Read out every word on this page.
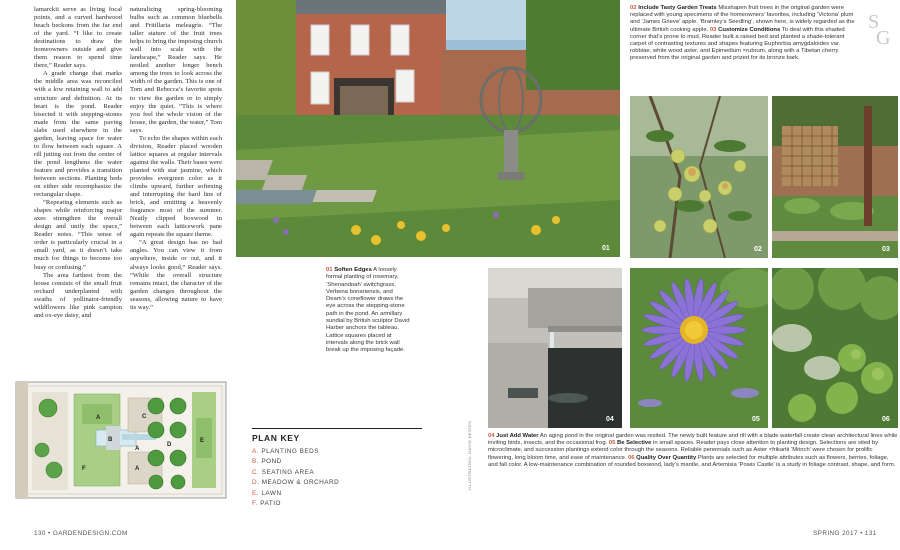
lamarckii serve as living focal points, and a curved hardwood beach beckons from the far end of the yard. “I like to create destinations to draw the homeowners outside and give them reason to spend time there,” Reader says.

A grade change that marks the middle area was reconciled with a low retaining wall to add structure and definition. At its heart is the pond. Reader bisected it with stepping-stones made from the same paving slabs used elsewhere in the garden, leaving space for water to flow between each square. A rill jutting out from the center of the pond lengthens the water feature and provides a transition between sections. Planting beds on either side recemphasize the rectangular shape.

“Repeating elements such as shapes while reinforcing major axes strengthen the overall design and unify the space,” Reader notes. “This sense of order is particularly crucial in a small yard, as it doesn’t take much for things to become too busy or confusing.”

The area farthest from the house consists of the small fruit orchard underplanted with swaths of pollinator-friendly wildflowers like pink campion and ox-eye daisy, and

naturalizing spring-blooming bulbs such as common bluebells and Fritillaria meleagris. “The taller stature of the fruit trees helps to bring the imposing church wall into scale with the landscape,” Reader says. He nestled another longer bench among the trees to look across the width of the garden. This is one of Tom and Rebecca’s favorite spots to view the garden or to simply enjoy the quiet. “This is where you feel the whole vision of the house, the garden, the water,” Tom says.

To echo the shapes within each division, Reader placed wooden lattice squares at regular intervals against the walls. Their bases were planted with star jasmine, which provides evergreen color as it climbs upward, further softening and interrupting the hard line of brick, and emitting a heavenly fragrance most of the summer. Neatly clipped boxwood in between each latticework pane again repeats the square theme.

“A great design has no bad angles. You can view it from anywhere, inside or out, and it always looks good,” Reader says. “While the overall structure remains intact, the character of the garden changes throughout the seasons, allowing nature to have its way.”

A
B
C
D
E
F	A
A
01
02 Include Tasty Garden Treats Misshapen fruit trees in the original garden were replaced with young specimens of the homeowners’ favorites, including ‘Victoria’ plum and ‘James Grieve’ apple. ‘Bramley’s Seedling’, shown here, is widely regarded as the ultimate British cooking apple. 03 Customize Conditions To deal with this shaded corner that’s prone to mud, Reader built a raised bed and planted a shade-tolerant carpet of contrasting textures and shapes featuring Euphorbia amygdaloides var. robbiae, white wood aster, and Epimedium ×rubrum, along with a Tibetan cherry preserved from the original garden and prized for its bronze bark.
S
G
02	03
01 Soften Edges A loosely formal planting of rosemary, ‘Shenandoah’ switchgrass, Verbena bonariensis, and Deam’s coneflower draws the eye across the stepping-stone path in the pond. An armillary sundial by British sculptor David Harber anchors the tableau. Lattice squares placed at intervals along the brick wall break up the imposing façade.
04	05	06
04 Just Add Water An aging pond in the original garden was resited. The newly built feature and rill with a blade waterfall create clean architectural lines while inviting birds, insects, and the occasional frog. 05 Be Selective in small spaces. Reader pays close attention to planting design. Selections are sited by microclimate, and succession plantings extend color through the seasons. Reliable perennials such as Aster ×frikartii ‘Mönch’ were chosen for prolific flowering, long bloom time, and ease of maintenance. 06 Quality Over Quantity Plants are selected for multiple attributes such as flowers, berries, foliage, and fall color. A low-maintenance combination of rounded boxwood, lady’s mantle, and Artemisia ‘Powis Castle’ is a study in foliage contrast, shape, and form.
PLAN KEY
A. PLANTING BEDS
B. POND
C. SEATING AREA
D. MEADOW & ORCHARD
E. LAWN
F. PATIO
ILLUSTRATION: DAVID DESIGN
130 • GARDENDESIGN.COM	SPRING 2017 • 131
